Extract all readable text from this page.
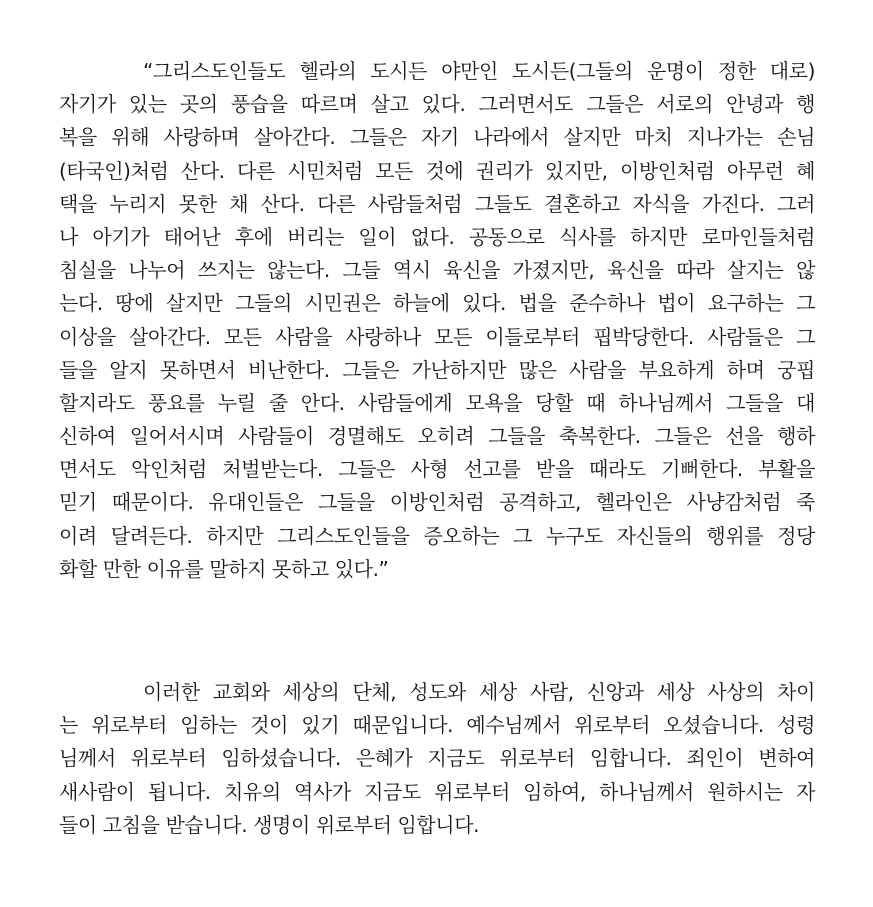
“그리스도인들도 헬라의 도시든 야만인 도시든(그들의 운명이 정한 대로)
자기가 있는 곳의 풍습을 따르며 살고 있다. 그러면서도 그들은 서로의 안녕과 행
복을 위해 사랑하며 살아간다. 그들은 자기 나라에서 살지만 마치 지나가는 손님
(타국인)처럼 산다. 다른 시민처럼 모든 것에 권리가 있지만, 이방인처럼 아무런 혜
택을 누리지 못한 채 산다. 다른 사람들처럼 그들도 결혼하고 자식을 가진다. 그러
나 아기가 태어난 후에 버리는 일이 없다. 공동으로 식사를 하지만 로마인들처럼
침실을 나누어 쓰지는 않는다. 그들 역시 육신을 가졌지만, 육신을 따라 살지는 않
는다. 땅에 살지만 그들의 시민권은 하늘에 있다. 법을 준수하나 법이 요구하는 그
이상을 살아간다. 모든 사람을 사랑하나 모든 이들로부터 핍박당한다. 사람들은 그
들을 알지 못하면서 비난한다. 그들은 가난하지만 많은 사람을 부요하게 하며 궁핍
할지라도 풍요를 누릴 줄 안다. 사람들에게 모욕을 당할 때 하나님께서 그들을 대
신하여 일어서시며 사람들이 경멸해도 오히려 그들을 축복한다. 그들은 선을 행하
면서도 악인처럼 처벌받는다. 그들은 사형 선고를 받을 때라도 기뻐한다. 부활을
믿기 때문이다. 유대인들은 그들을 이방인처럼 공격하고, 헬라인은 사냥감처럼 죽
이려 달려든다. 하지만 그리스도인들을 증오하는 그 누구도 자신들의 행위를 정당
화할 만한 이유를 말하지 못하고 있다.”
이러한 교회와 세상의 단체, 성도와 세상 사람, 신앙과 세상 사상의 차이
는 위로부터 임하는 것이 있기 때문입니다. 예수님께서 위로부터 오셨습니다. 성령
님께서 위로부터 임하셨습니다. 은혜가 지금도 위로부터 임합니다. 죄인이 변하여
새사람이 됩니다. 치유의 역사가 지금도 위로부터 임하여, 하나님께서 원하시는 자
들이 고침을 받습니다. 생명이 위로부터 임합니다.
